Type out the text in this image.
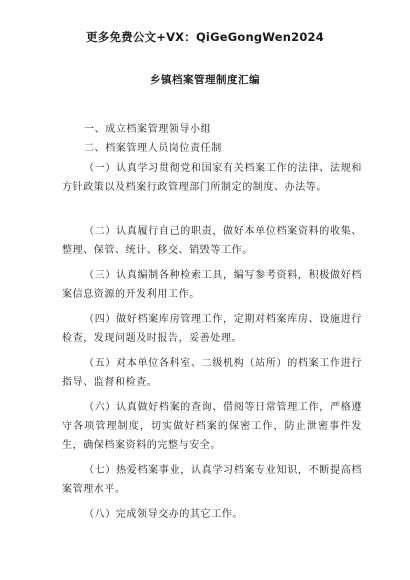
更多免费公文+VX：QiGeGongWen2024
乡镇档案管理制度汇编
一、成立档案管理领导小组
二、档案管理人员岗位责任制

（一）认真学习贯彻党和国家有关档案工作的法律、法规和方针政策以及档案行政管理部门所制定的制度、办法等。

（二）认真履行自己的职责，做好本单位档案资料的收集、整理、保管、统计、移交、销毁等工作。

（三）认真编制各种检索工具，编写参考资料，积极做好档案信息资源的开发利用工作。

（四）做好档案库房管理工作，定期对档案库房、设施进行检查，发现问题及时报告，妥善处理。

（五）对本单位各科室、二级机构（站所）的档案工作进行指导、监督和检查。

（六）认真做好档案的查询、借阅等日常管理工作，严格遵守各项管理制度，切实做好档案的保密工作，防止泄密事件发生，确保档案资料的完整与安全。

（七）热爱档案事业，认真学习档案专业知识，不断提高档案管理水平。

（八）完成领导交办的其它工作。
